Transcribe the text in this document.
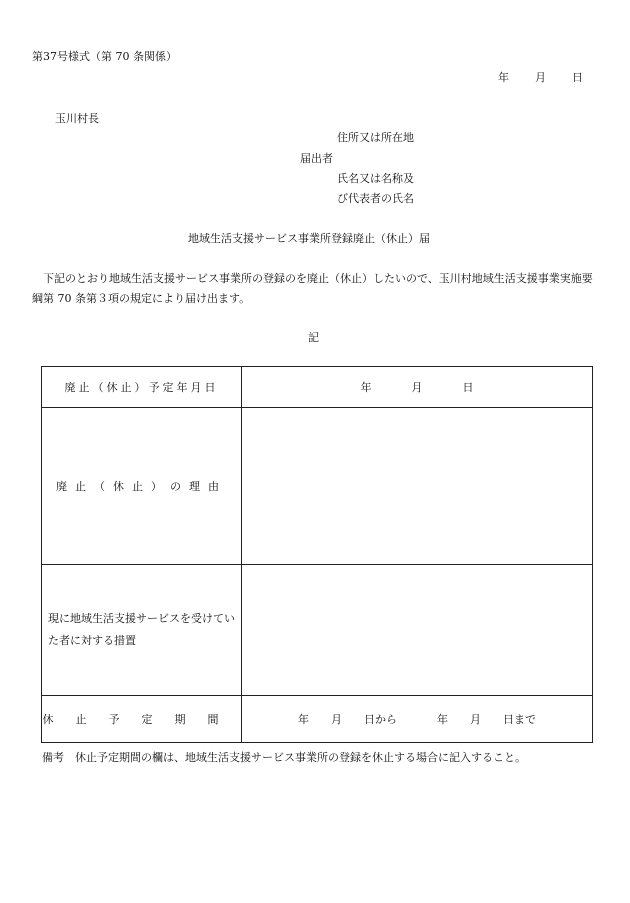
第37号様式（第 70 条関係）
年 月 日
玉川村長
住所又は所在地
届出者
氏名又は名称及
び代表者の氏名
地域生活支援サービス事業所登録廃止（休止）届
下記のとおり地域生活支援サービス事業所の登録のを廃止（休止）したいので、玉川村地域生活支援事業実施要綱第 70 条第３項の規定により届け出ます。
記
廃止（休止）予定年月日	年 月 日
廃止（休止）の理由	
現に地域生活支援サービスを受けていた者に対する措置	
休止予定期間	年 月 日から 年 月 日まで
備考　休止予定期間の欄は、地域生活支援サービス事業所の登録を休止する場合に記入すること。
